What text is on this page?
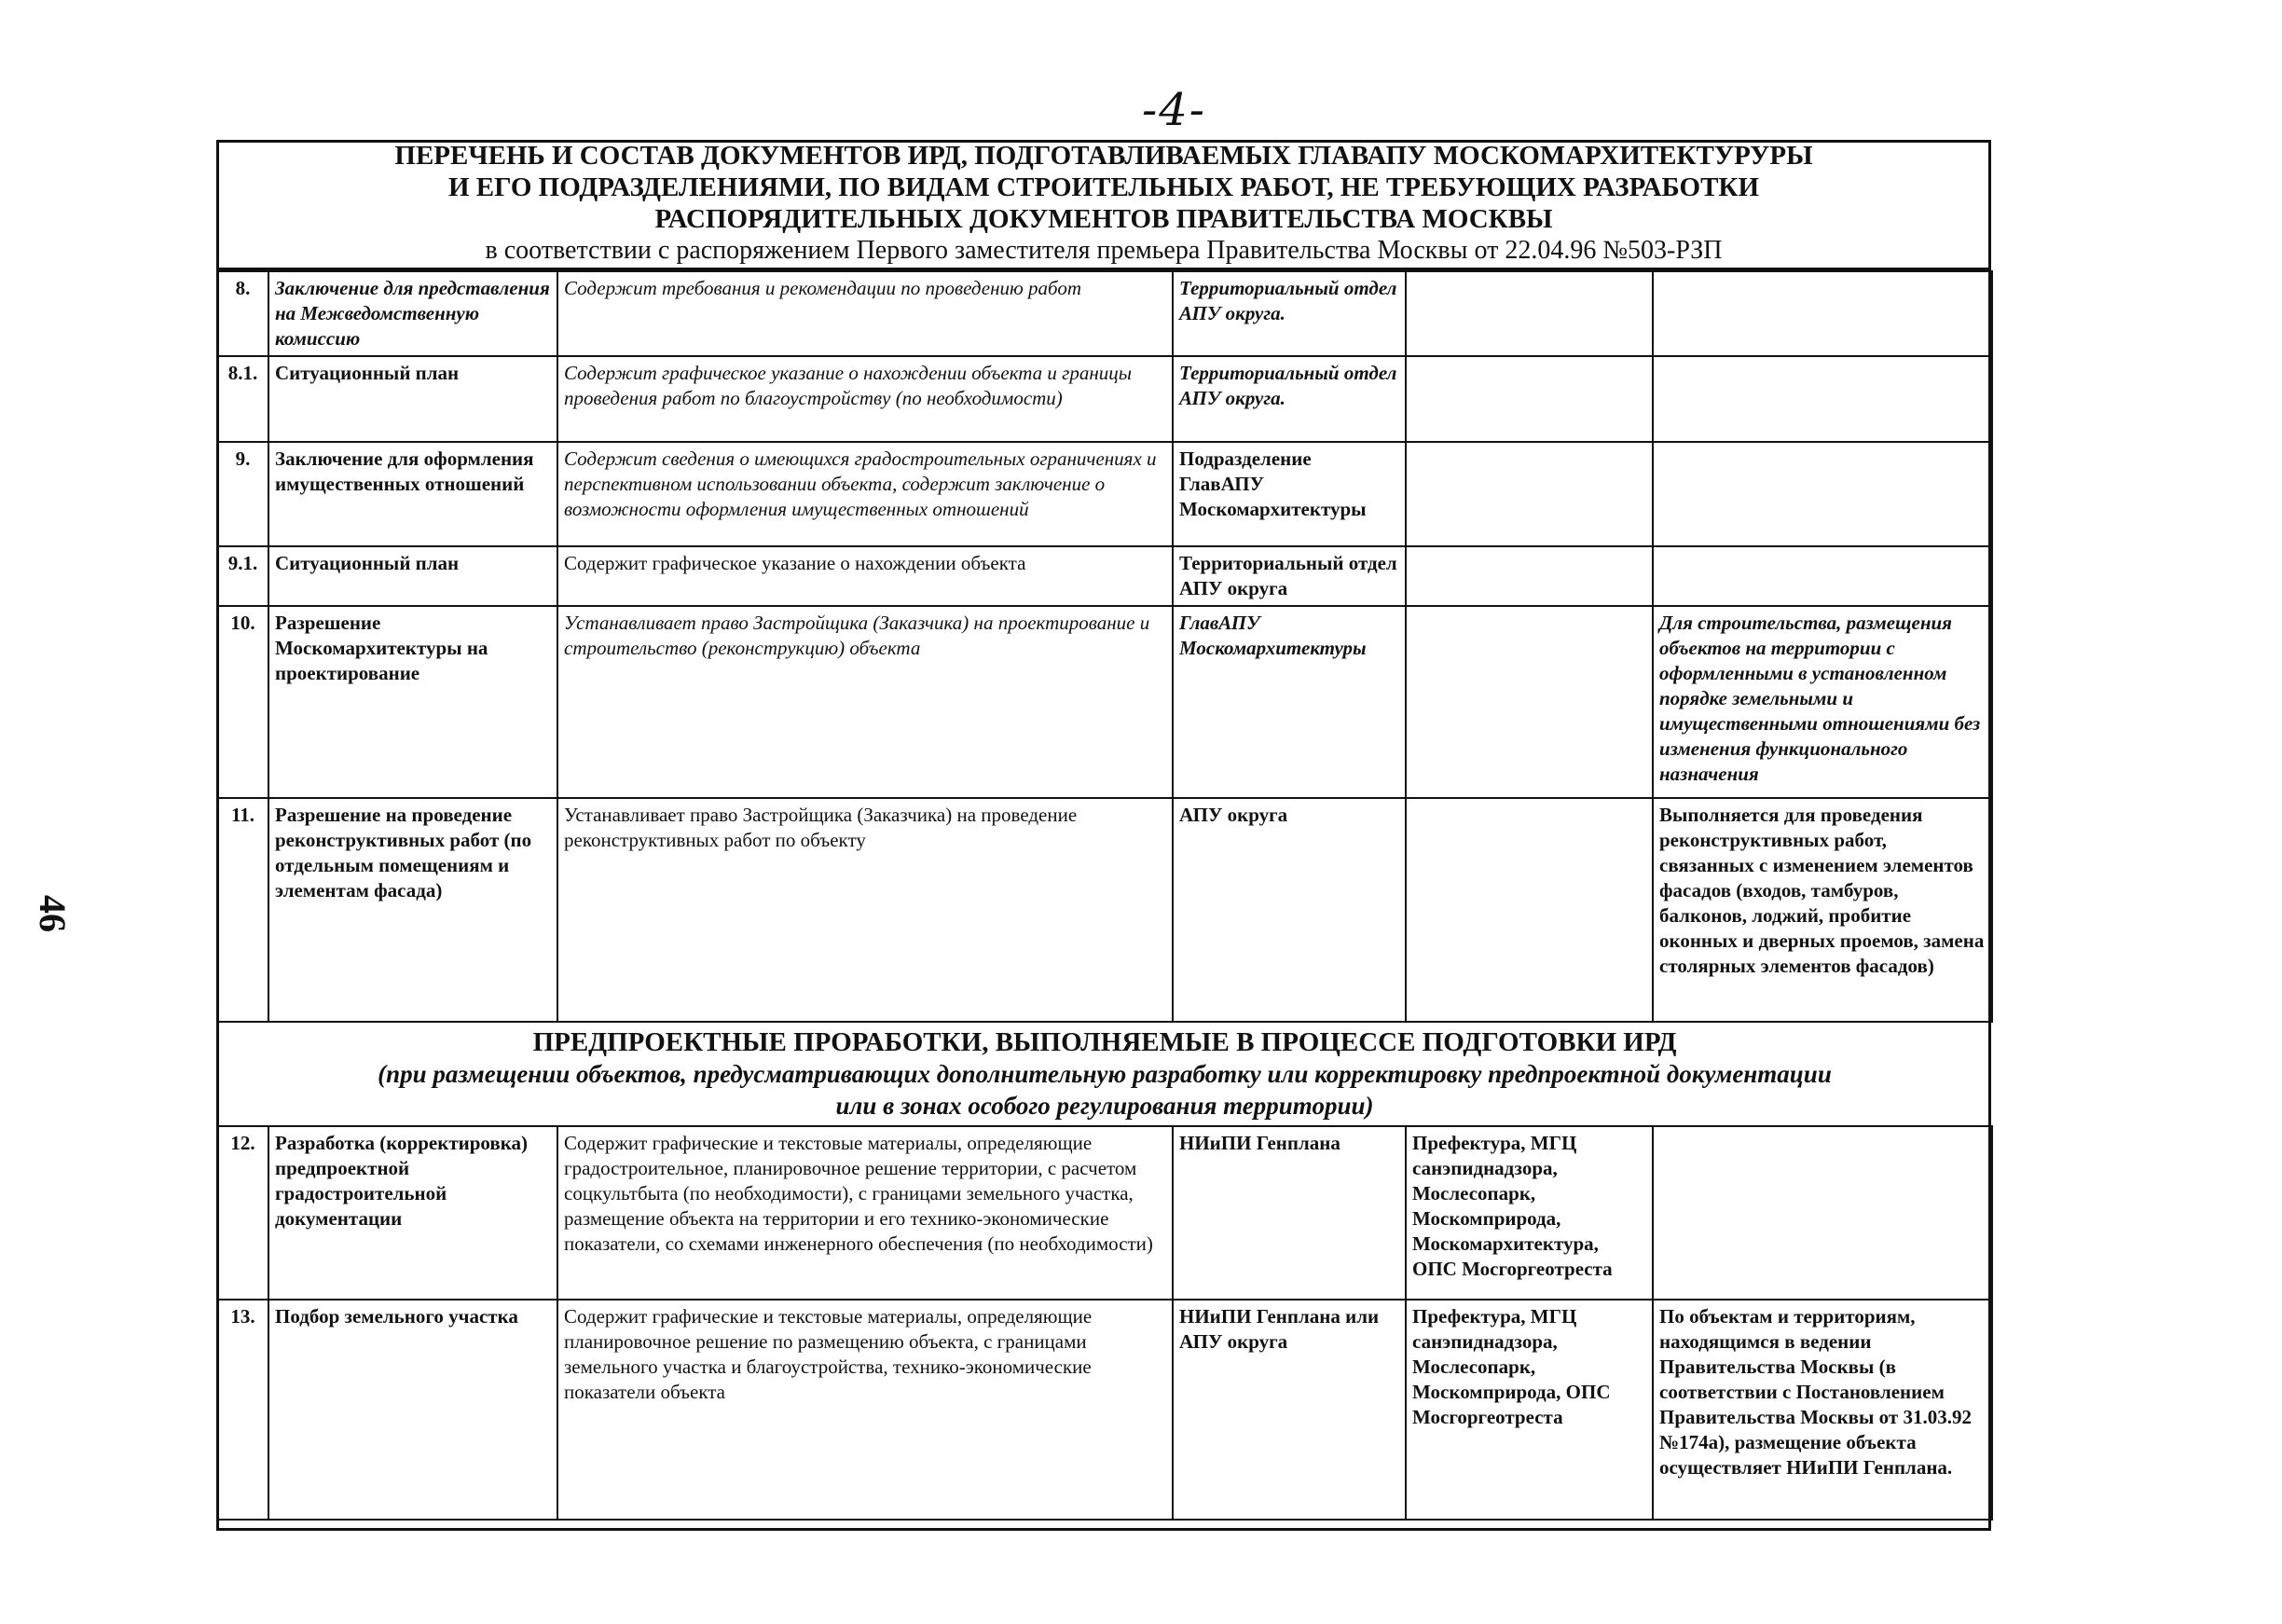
-4-
46
ПЕРЕЧЕНЬ И СОСТАВ ДОКУМЕНТОВ ИРД, ПОДГОТАВЛИВАЕМЫХ ГЛАВАПУ МОСКОМАРХИТЕКТУРУРЫ
И ЕГО ПОДРАЗДЕЛЕНИЯМИ, ПО ВИДАМ СТРОИТЕЛЬНЫХ РАБОТ, НЕ ТРЕБУЮЩИХ РАЗРАБОТКИ
РАСПОРЯДИТЕЛЬНЫХ ДОКУМЕНТОВ ПРАВИТЕЛЬСТВА МОСКВЫ
в соответствии с распоряжением Первого заместителя премьера Правительства Москвы от 22.04.96 №503-РЗП
8.	Заключение для представления на Межведомственную комиссию	Содержит требования и рекомендации по проведению работ	Территориальный отдел АПУ округа.		
8.1.	Ситуационный план	Содержит графическое указание о нахождении объекта и границы проведения работ по благоустройству (по необходимости)	Территориальный отдел АПУ округа.		
9.	Заключение для оформления имущественных отношений	Содержит сведения о имеющихся градостроительных ограничениях и перспективном использовании объекта, содержит заключение о возможности оформления имущественных отношений	Подразделение ГлавАПУ Москомархитектуры		
9.1.	Ситуационный план	Содержит графическое указание о нахождении объекта	Территориальный отдел АПУ округа		
10.	Разрешение Москомархитектуры на проектирование	Устанавливает право Застройщика (Заказчика) на проектирование и строительство (реконструкцию) объекта	ГлавАПУ Москомархитектуры		Для строительства, размещения объектов на территории с оформленными в установленном порядке земельными и имущественными отношениями без изменения функционального назначения
11.	Разрешение на проведение реконструктивных работ (по отдельным помещениям и элементам фасада)	Устанавливает право Застройщика (Заказчика) на проведение реконструктивных работ по объекту	АПУ округа		Выполняется для проведения реконструктивных работ, связанных с изменением элементов фасадов (входов, тамбуров, балконов, лоджий, пробитие оконных и дверных проемов, замена столярных элементов фасадов)

ПРЕДПРОЕКТНЫЕ ПРОРАБОТКИ, ВЫПОЛНЯЕМЫЕ В ПРОЦЕССЕ ПОДГОТОВКИ ИРД
(при размещении объектов, предусматривающих дополнительную разработку или корректировку предпроектной документации
или в зонах особого регулирования территории)					

12.	Разработка (корректировка) предпроектной градостроительной документации	Содержит графические и текстовые материалы, определяющие градостроительное, планировочное решение территории, с расчетом соцкультбыта (по необходимости), с границами земельного участка, размещение объекта на территории и его технико-экономические показатели, со схемами инженерного обеспечения (по необходимости)	НИиПИ Генплана	Префектура, МГЦ санэпиднадзора, Мослесопарк, Москомприрода, Москомархитектура, ОПС Мосгоргеотреста	
13.	Подбор земельного участка	Содержит графические и текстовые материалы, определяющие планировочное решение по размещению объекта, с границами земельного участка и благоустройства, технико-экономические показатели объекта	НИиПИ Генплана или АПУ округа	Префектура, МГЦ санэпиднадзора, Мослесопарк, Москомприрода, ОПС Мосгоргеотреста	По объектам и территориям, находящимся в ведении Правительства Москвы (в соответствии с Постановлением Правительства Москвы от 31.03.92 №174а), размещение объекта осуществляет НИиПИ Генплана.
